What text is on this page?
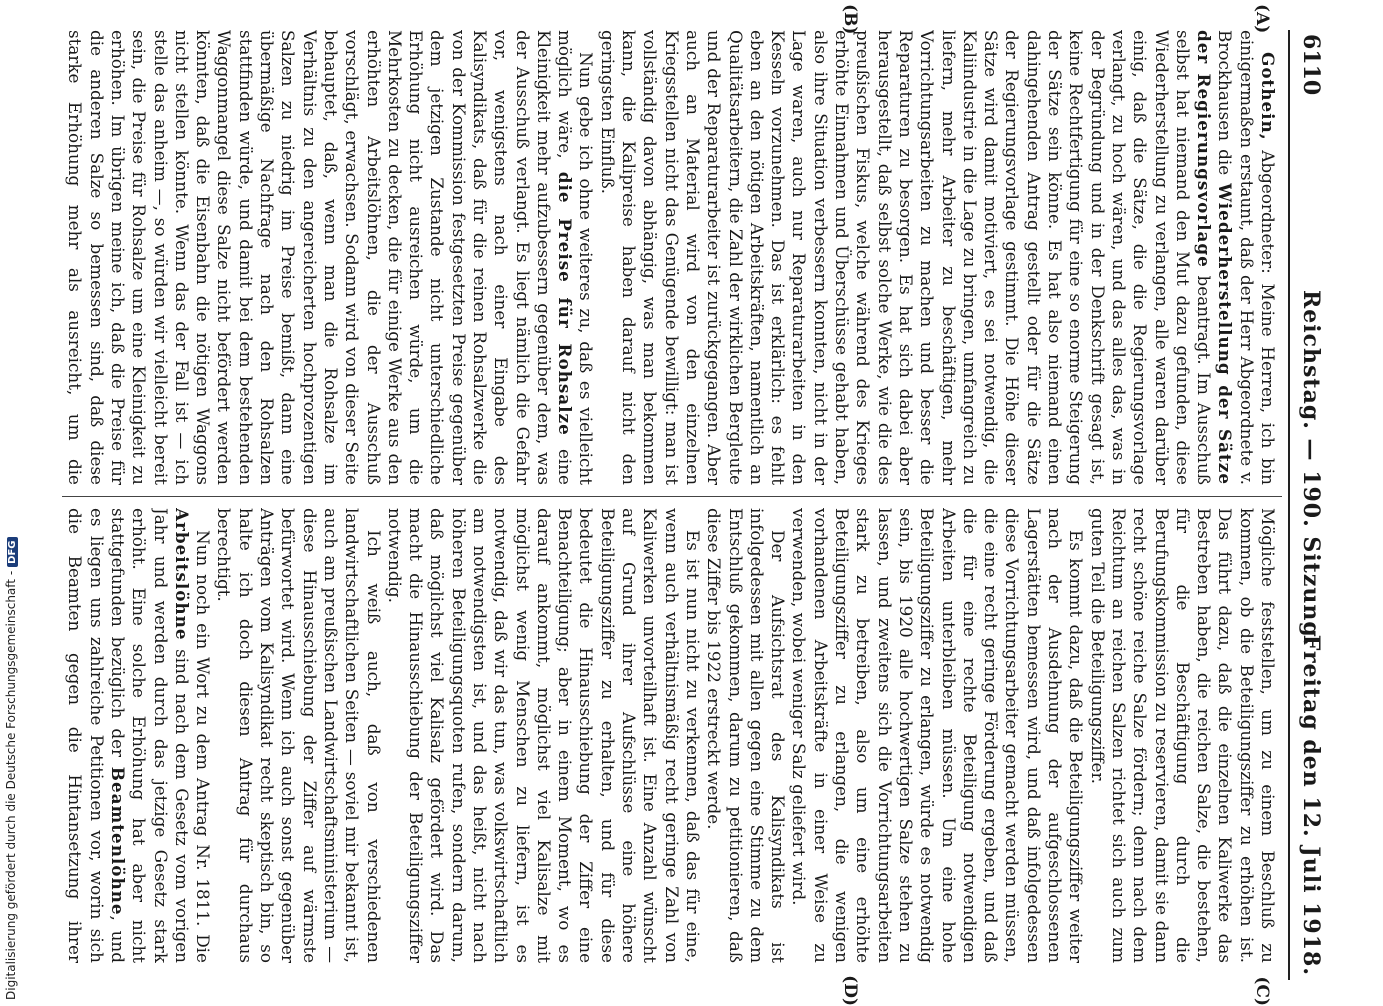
6110
Reichstag. — 190. Sitzung.
Freitag den 12. Juli 1918.
(A)
(B)
(C)
(D)

Gothein, Abgeordneter: Meine Herren, ich bin einigermaßen erstaunt, daß der Herr Abgeordnete v. Brockhausen die Wiederherstellung der Sätze der Regierungsvorlage beantragt. Im Ausschuß selbst hat niemand den Mut dazu gefunden, diese Wiederherstellung zu verlangen, alle waren darüber einig, daß die Sätze, die die Regierungsvorlage verlangt, zu hoch wären, und das alles das, was in der Begründung und in der Denkschrift gesagt ist, keine Rechtfertigung für eine so enorme Steigerung der Sätze sein könne. Es hat also niemand einen dahingehenden Antrag gestellt oder für die Sätze der Regierungsvorlage gestimmt. Die Höhe dieser Sätze wird damit motiviert, es sei notwendig, die Kaliindustrie in die Lage zu bringen, umfangreich zu liefern, mehr Arbeiter zu beschäftigen, mehr Vorrichtungsarbeiten zu machen und besser die Reparaturen zu besorgen. Es hat sich dabei aber herausgestellt, daß selbst solche Werke, wie die des preußischen Fiskus, welche während des Krieges erhöhte Einnahmen und Überschüsse gehabt haben, also ihre Situation verbessern konnten, nicht in der Lage waren, auch nur Reparaturarbeiten in den Kesseln vorzunehmen. Das ist erklärlich: es fehlt eben an den nötigen Arbeitskräften, namentlich an Qualitätsarbeitern, die Zahl der wirklichen Bergleute und der Reparaturarbeiter ist zurückgegangen. Aber auch an Material wird von den einzelnen Kriegsstellen nicht das Genügende bewilligt: man ist vollständig davon abhängig, was man bekommen kann, die Kalipreise haben darauf nicht den geringsten Einfluß.

Nun gebe ich ohne weiteres zu, daß es vielleicht möglich wäre, die Preise für Rohsalze eine Kleinigkeit mehr aufzubessern gegenüber dem, was der Ausschuß verlangt. Es liegt nämlich die Gefahr vor, wenigstens nach einer Eingabe des Kalisyndikats, daß für die reinen Rohsalzwerke die von der Kommission festgesetzten Preise gegenüber dem jetzigen Zustande nicht unterschiedliche Erhöhung nicht ausreichen würde, um die Mehrkosten zu decken, die für einige Werke aus den erhöhten Arbeitslöhnen, die der Ausschuß vorschlägt, erwachsen. Sodann wird von dieser Seite behauptet, daß, wenn man die Rohsalze im Verhältnis zu den angereicherten hochprozentigen Salzen zu niedrig im Preise bemißt, dann eine übermäßige Nachfrage nach den Rohsalzen stattfinden würde, und damit bei dem bestehenden Waggonmangel diese Salze nicht befördert werden könnten, daß die Eisenbahn die nötigen Waggons nicht stellen könnte. Wenn das der Fall ist — ich stelle das anheim —, so würden wir vielleicht bereit sein, die Preise für Rohsalze um eine Kleinigkeit zu erhöhen. Im übrigen meine ich, daß die Preise für die anderen Salze so bemessen sind, daß diese starke Erhöhung mehr als ausreicht, um die

Mögliche feststellen, um zu einem Beschluß zu kommen, ob die Beteiligungsziffer zu erhöhen ist. Das führt dazu, daß die einzelnen Kaliwerke das Bestreben haben, die reichen Salze, die bestehen, für die Beschäftigung durch die Berufungskommission zu reservieren, damit sie dann recht schöne reiche Salze fördern; denn nach dem Reichtum an reichen Salzen richtet sich auch zum guten Teil die Beteiligungsziffer.

Es kommt dazu, daß die Beteiligungsziffer weiter nach der Ausdehnung der aufgeschlossenen Lagerstätten bemessen wird, und daß infolgedessen diese Vorrichtungsarbeiter gemacht werden müssen, die eine recht geringe Förderung ergeben, und daß die für eine rechte Beteiligung notwendigen Arbeiten unterbleiben müssen. Um eine hohe Beteiligungsziffer zu erlangen, würde es notwendig sein, bis 1920 alle hochwertigen Salze stehen zu lassen, und zweitens sich die Vorrichtungsarbeiten stark zu betreiben, also um eine erhöhte Beteiligungsziffer zu erlangen, die wenigen vorhandenen Arbeitskräfte in einer Weise zu verwenden, wobei weniger Salz geliefert wird.

Der Aufsichtsrat des Kalisyndikats ist infolgedessen mit allen gegen eine Stimme zu dem Entschluß gekommen, darum zu petitionieren, daß diese Ziffer bis 1922 erstreckt werde.

Es ist nun nicht zu verkennen, daß das für eine, wenn auch verhältnismäßig recht geringe Zahl von Kaliwerken unvorteilhaft ist. Eine Anzahl wünscht auf Grund ihrer Aufschlüsse eine höhere Beteiligungsziffer zu erhalten, und für diese bedeutet die Hinausschiebung der Ziffer eine Benachteiligung; aber in einem Moment, wo es darauf ankommt, möglichst viel Kalisalze mit möglichst wenig Menschen zu liefern, ist es notwendig, daß wir das tun, was volkswirtschaftlich am notwendigsten ist, und das heißt, nicht nach höheren Beteiligungsquoten rufen, sondern darum, daß möglichst viel Kalisalz gefördert wird. Das macht die Hinausschiebung der Beteiligungsziffer notwendig.

Ich weiß auch, daß von verschiedenen landwirtschaftlichen Seiten — soviel mir bekannt ist, auch am preußischen Landwirtschaftsministerium — diese Hinausschiebung der Ziffer auf wärmste befürwortet wird. Wenn ich auch sonst gegenüber Anträgen vom Kalisyndikat recht skeptisch bin, so halte ich doch diesen Antrag für durchaus berechtigt.

Nun noch ein Wort zu dem Antrag Nr. 1811. Die Arbeitslöhne sind nach dem Gesetz vom vorigen Jahr und werden durch das jetzige Gesetz stark erhöht. Eine solche Erhöhung hat aber nicht stattgefunden bezüglich der Beamtenlöhne, und es liegen uns zahlreiche Petitionen vor, worin sich die Beamten gegen die Hintansetzung ihrer

Digitalisierung gefördert durch die Deutsche Forschungsgemeinschaft -DFG
